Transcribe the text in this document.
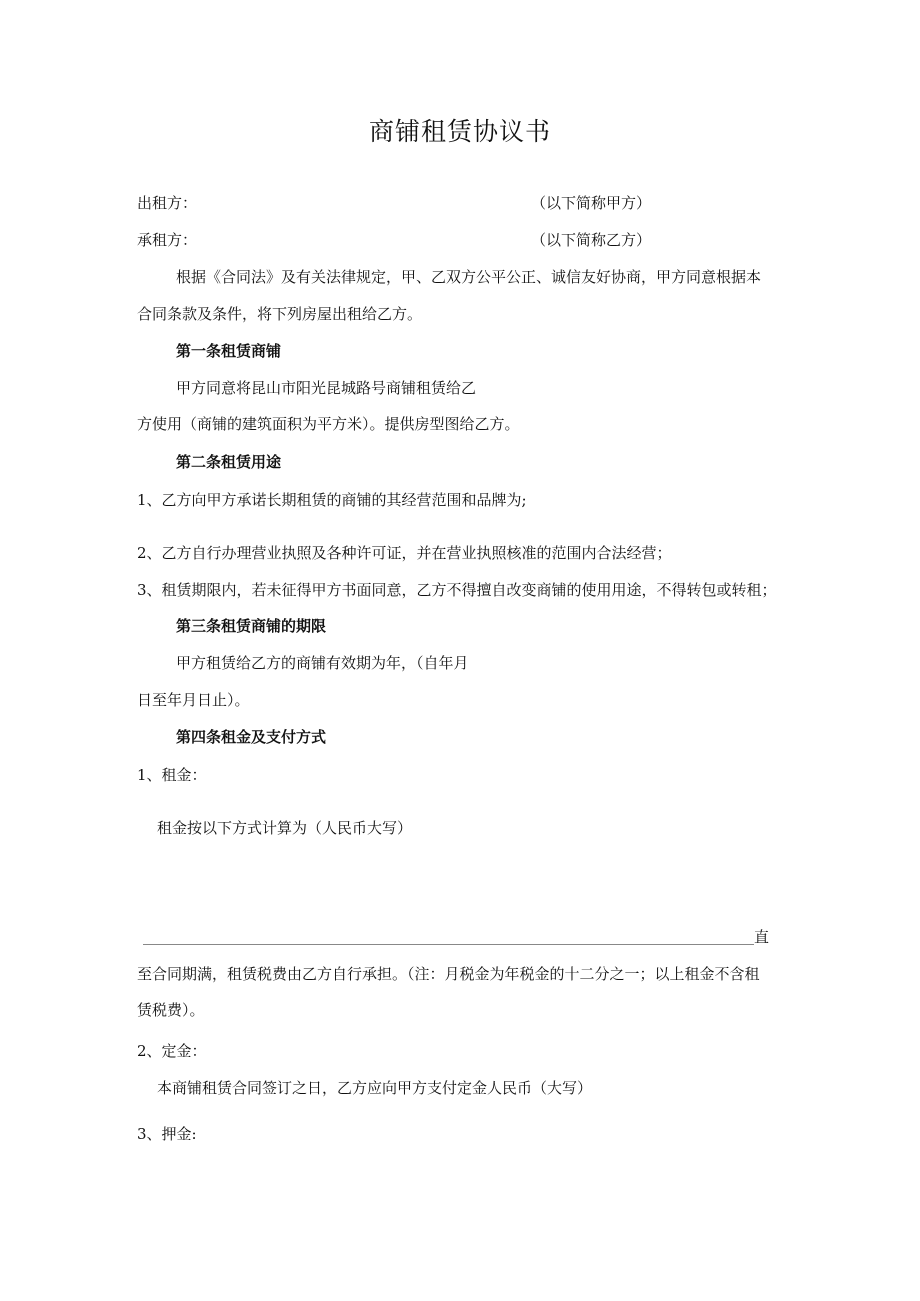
商铺租赁协议书
出租方：	（以下简称甲方）
承租方：	（以下简称乙方）
根据《合同法》及有关法律规定，甲、乙双方公平公正、诚信友好协商，甲方同意根据本
合同条款及条件，将下列房屋出租给乙方。
第一条租赁商铺
甲方同意将昆山市阳光昆城路号商铺租赁给乙
方使用（商铺的建筑面积为平方米）。提供房型图给乙方。
第二条租赁用途
1、乙方向甲方承诺长期租赁的商铺的其经营范围和品牌为;
2、乙方自行办理营业执照及各种许可证，并在营业执照核准的范围内合法经营；
3、租赁期限内，若未征得甲方书面同意，乙方不得擅自改变商铺的使用用途，不得转包或转租；
第三条租赁商铺的期限
甲方租赁给乙方的商铺有效期为年，（自年月
日至年月日止）。
第四条租金及支付方式
1、租金：
租金按以下方式计算为（人民币大写）
直
至合同期满，租赁税费由乙方自行承担。（注：月税金为年税金的十二分之一；以上租金不含租
赁税费）。
2、定金：
本商铺租赁合同签订之日，乙方应向甲方支付定金人民币（大写）
3、押金:
